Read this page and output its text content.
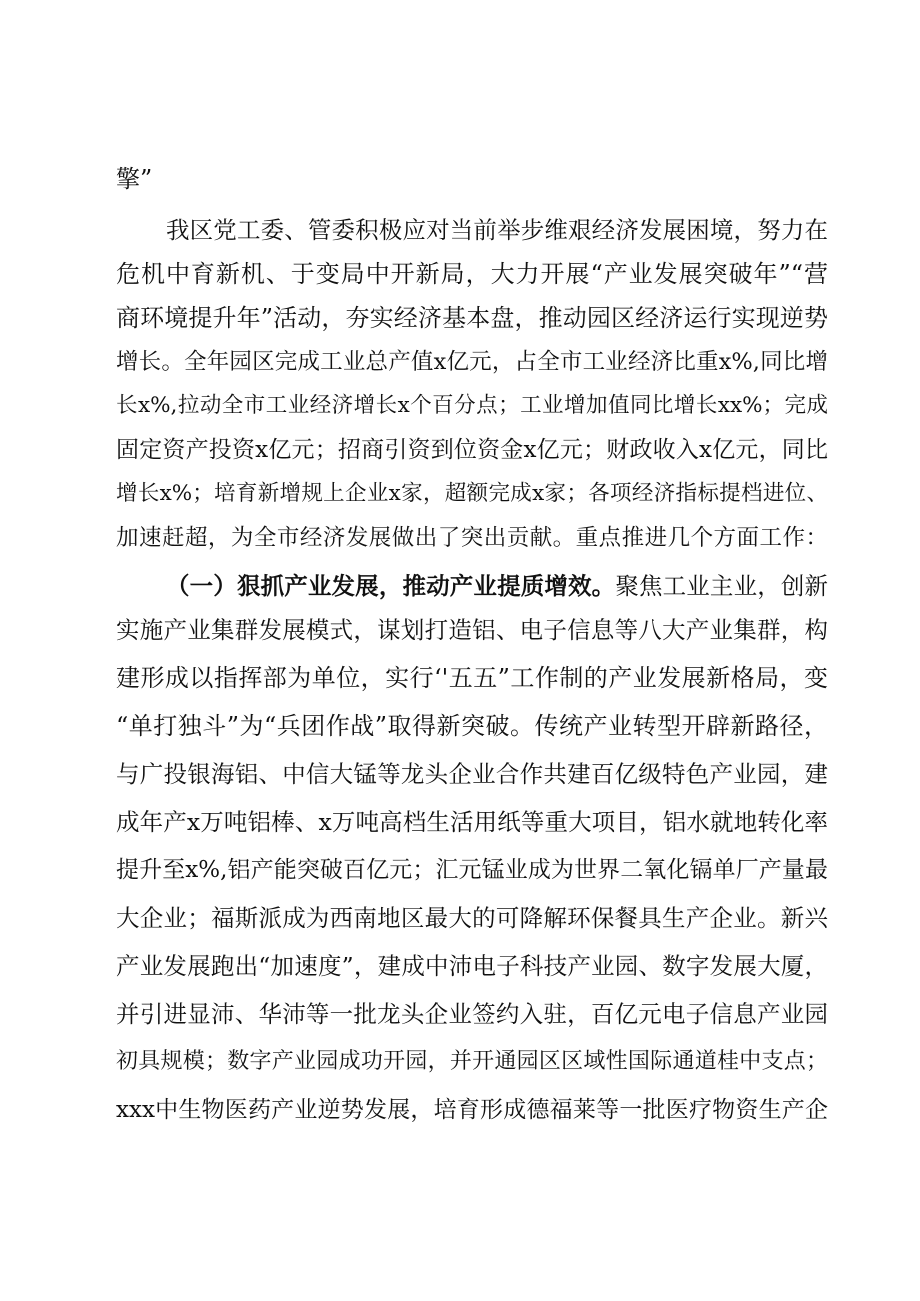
擎”
我区党工委、管委积极应对当前举步维艰经济发展困境，努力在
危机中育新机、于变局中开新局，大力开展“产业发展突破年”“营
商环境提升年”活动，夯实经济基本盘，推动园区经济运行实现逆势
增长。全年园区完成工业总产值x亿元，占全市工业经济比重x%,同比增
长x%,拉动全市工业经济增长x个百分点；工业增加值同比增长xx%；完成
固定资产投资x亿元；招商引资到位资金x亿元；财政收入x亿元，同比
增长x%；培育新增规上企业x家，超额完成x家；各项经济指标提档进位、
加速赶超，为全市经济发展做出了突出贡献。重点推进几个方面工作：
（一）狠抓产业发展，推动产业提质增效。聚焦工业主业，创新
实施产业集群发展模式，谋划打造铝、电子信息等八大产业集群，构
建形成以指挥部为单位，实行‘'五五”工作制的产业发展新格局，变
“单打独斗”为“兵团作战”取得新突破。传统产业转型开辟新路径，
与广投银海铝、中信大锰等龙头企业合作共建百亿级特色产业园，建
成年产x万吨铝棒、x万吨高档生活用纸等重大项目，铝水就地转化率
提升至x%,铝产能突破百亿元；汇元锰业成为世界二氧化镉单厂产量最
大企业；福斯派成为西南地区最大的可降解环保餐具生产企业。新兴
产业发展跑出“加速度”，建成中沛电子科技产业园、数字发展大厦，
并引进显沛、华沛等一批龙头企业签约入驻，百亿元电子信息产业园
初具规模；数字产业园成功开园，并开通园区区域性国际通道桂中支点；
xxx中生物医药产业逆势发展，培育形成德福莱等一批医疗物资生产企
